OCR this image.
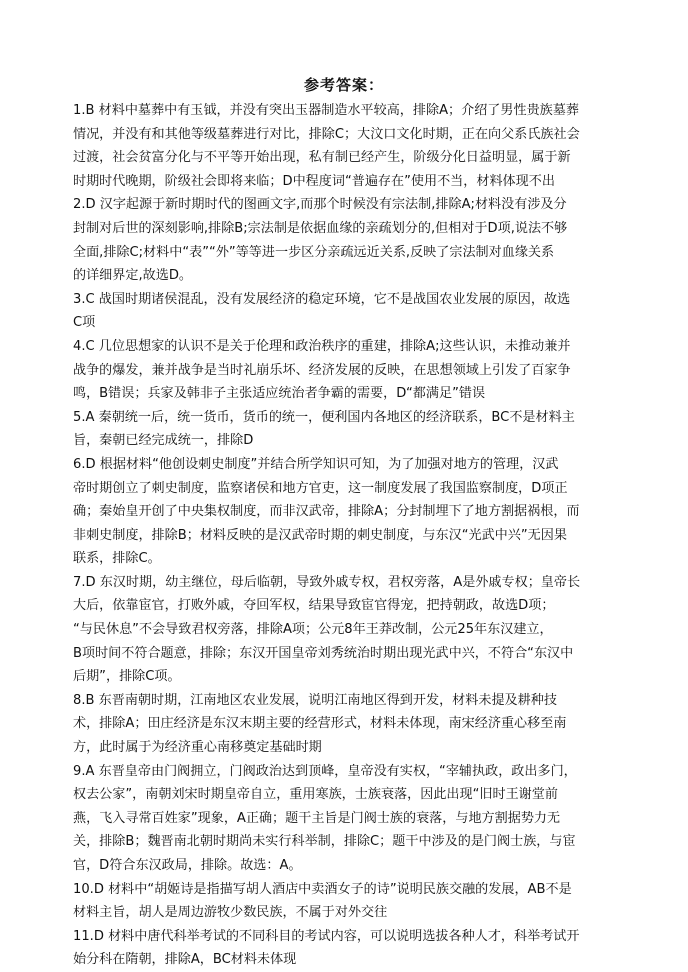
参考答案：
1.B 材料中墓葬中有玉钺，并没有突出玉器制造水平较高，排除A；介绍了男性贵族墓葬
情况，并没有和其他等级墓葬进行对比，排除C；大汶口文化时期，正在向父系氏族社会
过渡，社会贫富分化与不平等开始出现，私有制已经产生，阶级分化日益明显，属于新
时期时代晚期，阶级社会即将来临；D中程度词“普遍存在”使用不当，材料体现不出
2.D 汉字起源于新时期时代的图画文字,而那个时候没有宗法制,排除A;材料没有涉及分
封制对后世的深刻影响,排除B;宗法制是依据血缘的亲疏划分的,但相对于D项,说法不够
全面,排除C;材料中“表”“外”等等进一步区分亲疏远近关系,反映了宗法制对血缘关系
的详细界定,故选D。
3.C 战国时期诸侯混乱，没有发展经济的稳定环境，它不是战国农业发展的原因，故选
C项
4.C 几位思想家的认识不是关于伦理和政治秩序的重建，排除A;这些认识，未推动兼并
战争的爆发，兼并战争是当时礼崩乐坏、经济发展的反映，在思想领域上引发了百家争
鸣，B错误；兵家及韩非子主张适应统治者争霸的需要，D“都满足”错误
5.A 秦朝统一后，统一货币，货币的统一，便利国内各地区的经济联系，BC不是材料主
旨，秦朝已经完成统一，排除D
6.D 根据材料“他创设刺史制度”并结合所学知识可知，为了加强对地方的管理，汉武
帝时期创立了刺史制度，监察诸侯和地方官吏，这一制度发展了我国监察制度，D项正
确；秦始皇开创了中央集权制度，而非汉武帝，排除A；分封制埋下了地方割据祸根，而
非刺史制度，排除B；材料反映的是汉武帝时期的刺史制度，与东汉“光武中兴”无因果
联系，排除C。
7.D 东汉时期，幼主继位，母后临朝，导致外戚专权，君权旁落，A是外戚专权；皇帝长
大后，依靠宦官，打败外戚，夺回军权，结果导致宦官得宠，把持朝政，故选D项；
“与民休息”不会导致君权旁落，排除A项；公元8年王莽改制，公元25年东汉建立，
B项时间不符合题意，排除；东汉开国皇帝刘秀统治时期出现光武中兴，不符合“东汉中
后期”，排除C项。
8.B 东晋南朝时期，江南地区农业发展，说明江南地区得到开发，材料未提及耕种技
术，排除A；田庄经济是东汉末期主要的经营形式，材料未体现，南宋经济重心移至南
方，此时属于为经济重心南移奠定基础时期
9.A 东晋皇帝由门阀拥立，门阀政治达到顶峰，皇帝没有实权，“宰辅执政，政出多门，
权去公家”，南朝刘宋时期皇帝自立，重用寒族，士族衰落，因此出现“旧时王谢堂前
燕，飞入寻常百姓家”现象，A正确；题干主旨是门阀士族的衰落，与地方割据势力无
关，排除B；魏晋南北朝时期尚未实行科举制，排除C；题干中涉及的是门阀士族，与宦
官，D符合东汉政局，排除。故选：A。
10.D 材料中“胡姬诗是指描写胡人酒店中卖酒女子的诗”说明民族交融的发展，AB不是
材料主旨，胡人是周边游牧少数民族，不属于对外交往
11.D 材料中唐代科举考试的不同科目的考试内容，可以说明选拔各种人才，科举考试开
始分科在隋朝，排除A，BC材料未体现
